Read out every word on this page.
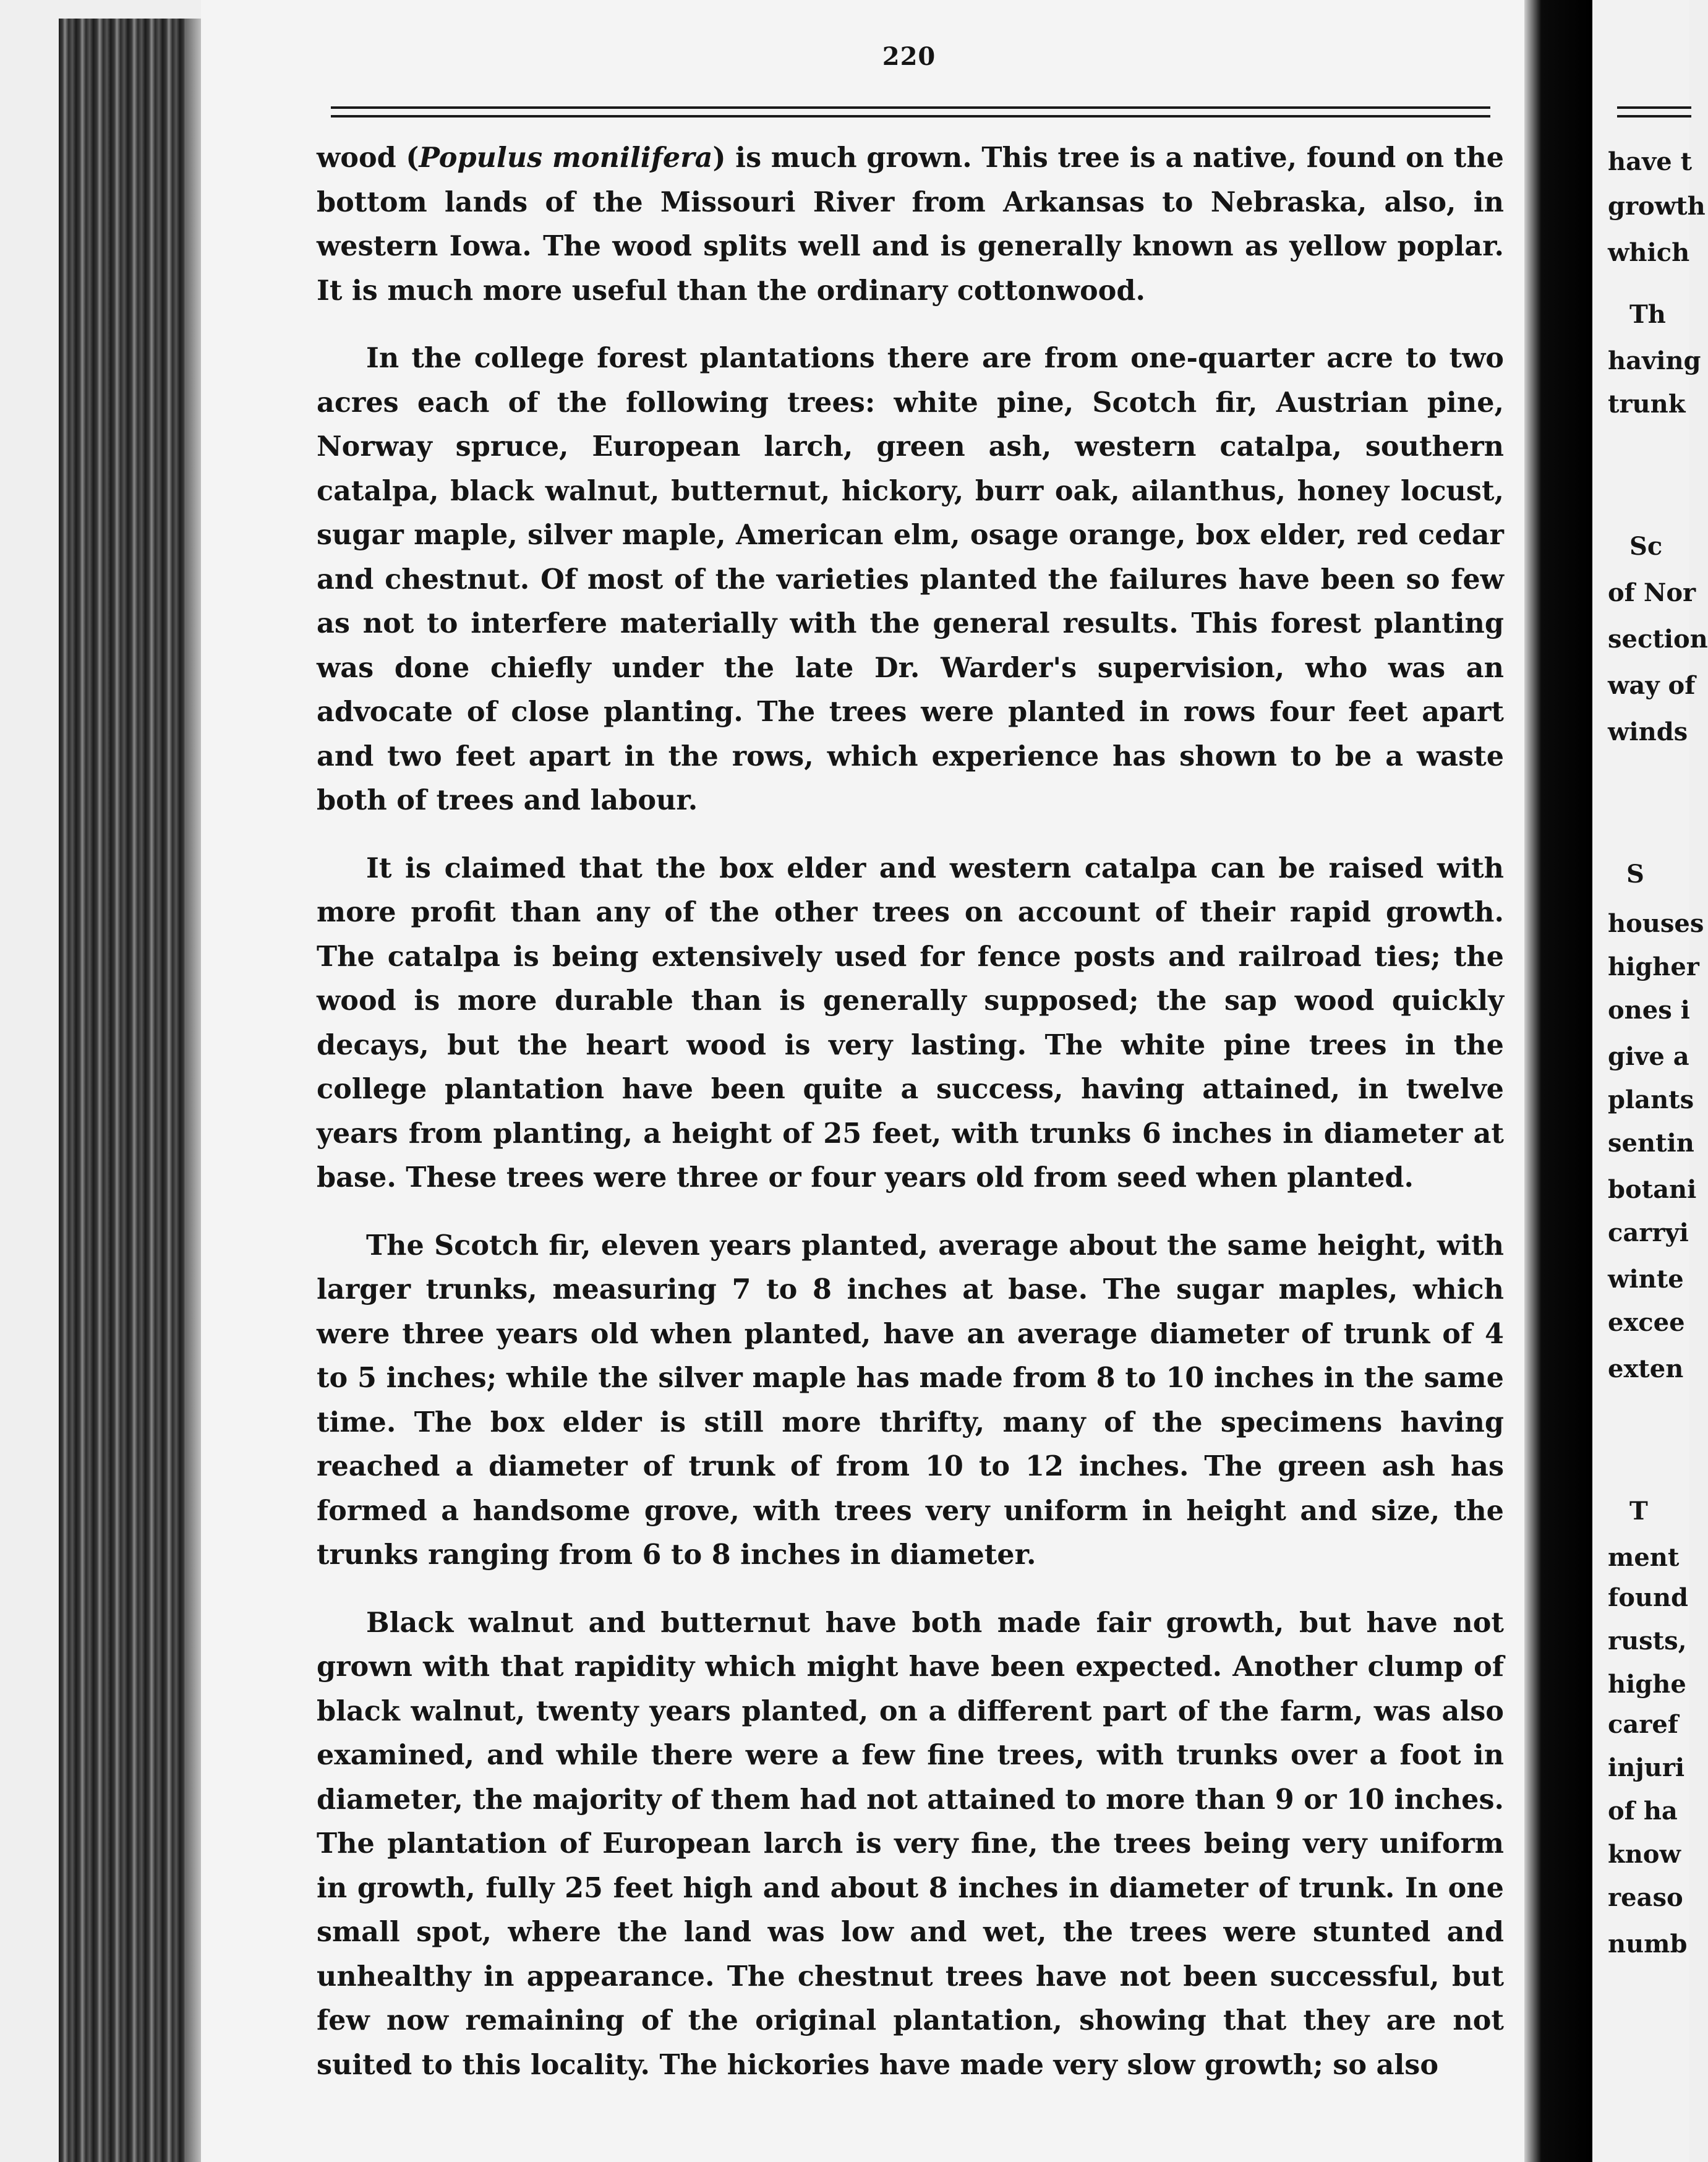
220

wood (Populus monilifera) is much grown. This tree is a native, found on the bottom lands of the Missouri River from Arkansas to Nebraska, also, in western Iowa. The wood splits well and is generally known as yellow poplar. It is much more useful than the ordinary cottonwood.

In the college forest plantations there are from one-quarter acre to two acres each of the following trees: white pine, Scotch fir, Austrian pine, Norway spruce, European larch, green ash, western catalpa, southern catalpa, black walnut, butternut, hickory, burr oak, ailanthus, honey locust, sugar maple, silver maple, American elm, osage orange, box elder, red cedar and chestnut. Of most of the varieties planted the failures have been so few as not to interfere materially with the general results. This forest planting was done chiefly under the late Dr. Warder's supervision, who was an advocate of close planting. The trees were planted in rows four feet apart and two feet apart in the rows, which experience has shown to be a waste both of trees and labour.

It is claimed that the box elder and western catalpa can be raised with more profit than any of the other trees on account of their rapid growth. The catalpa is being extensively used for fence posts and railroad ties; the wood is more durable than is generally supposed; the sap wood quickly decays, but the heart wood is very lasting. The white pine trees in the college plantation have been quite a success, having attained, in twelve years from planting, a height of 25 feet, with trunks 6 inches in diameter at base. These trees were three or four years old from seed when planted.

The Scotch fir, eleven years planted, average about the same height, with larger trunks, measuring 7 to 8 inches at base. The sugar maples, which were three years old when planted, have an average diameter of trunk of 4 to 5 inches; while the silver maple has made from 8 to 10 inches in the same time. The box elder is still more thrifty, many of the specimens having reached a diameter of trunk of from 10 to 12 inches. The green ash has formed a handsome grove, with trees very uniform in height and size, the trunks ranging from 6 to 8 inches in diameter.

Black walnut and butternut have both made fair growth, but have not grown with that rapidity which might have been expected. Another clump of black walnut, twenty years planted, on a different part of the farm, was also examined, and while there were a few fine trees, with trunks over a foot in diameter, the majority of them had not attained to more than 9 or 10 inches. The plantation of European larch is very fine, the trees being very uniform in growth, fully 25 feet high and about 8 inches in diameter of trunk. In one small spot, where the land was low and wet, the trees were stunted and unhealthy in appearance. The chestnut trees have not been successful, but few now remaining of the original plantation, showing that they are not suited to this locality. The hickories have made very slow growth; so also

have t
growth
which
Th
having
trunk
Sc
of Nor
section
way of
winds
S
houses
higher
ones i
give a
plants
sentin
botani
carryi
winte
excee
exten
T
ment
found
rusts,
highe
caref
injuri
of ha
know
reaso
numb
